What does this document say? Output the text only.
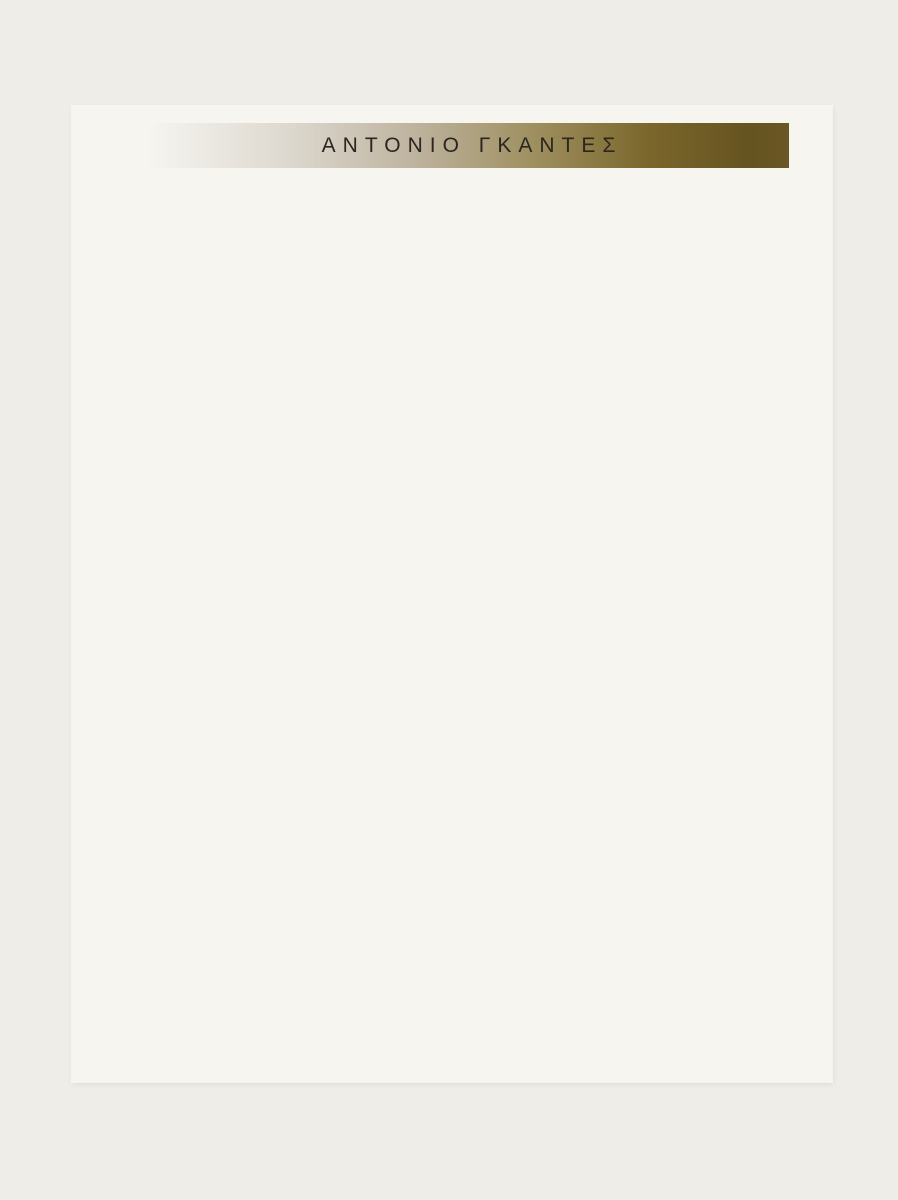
ΑΝΤΟΝΙΟ ΓΚΑΝΤΕΣ
